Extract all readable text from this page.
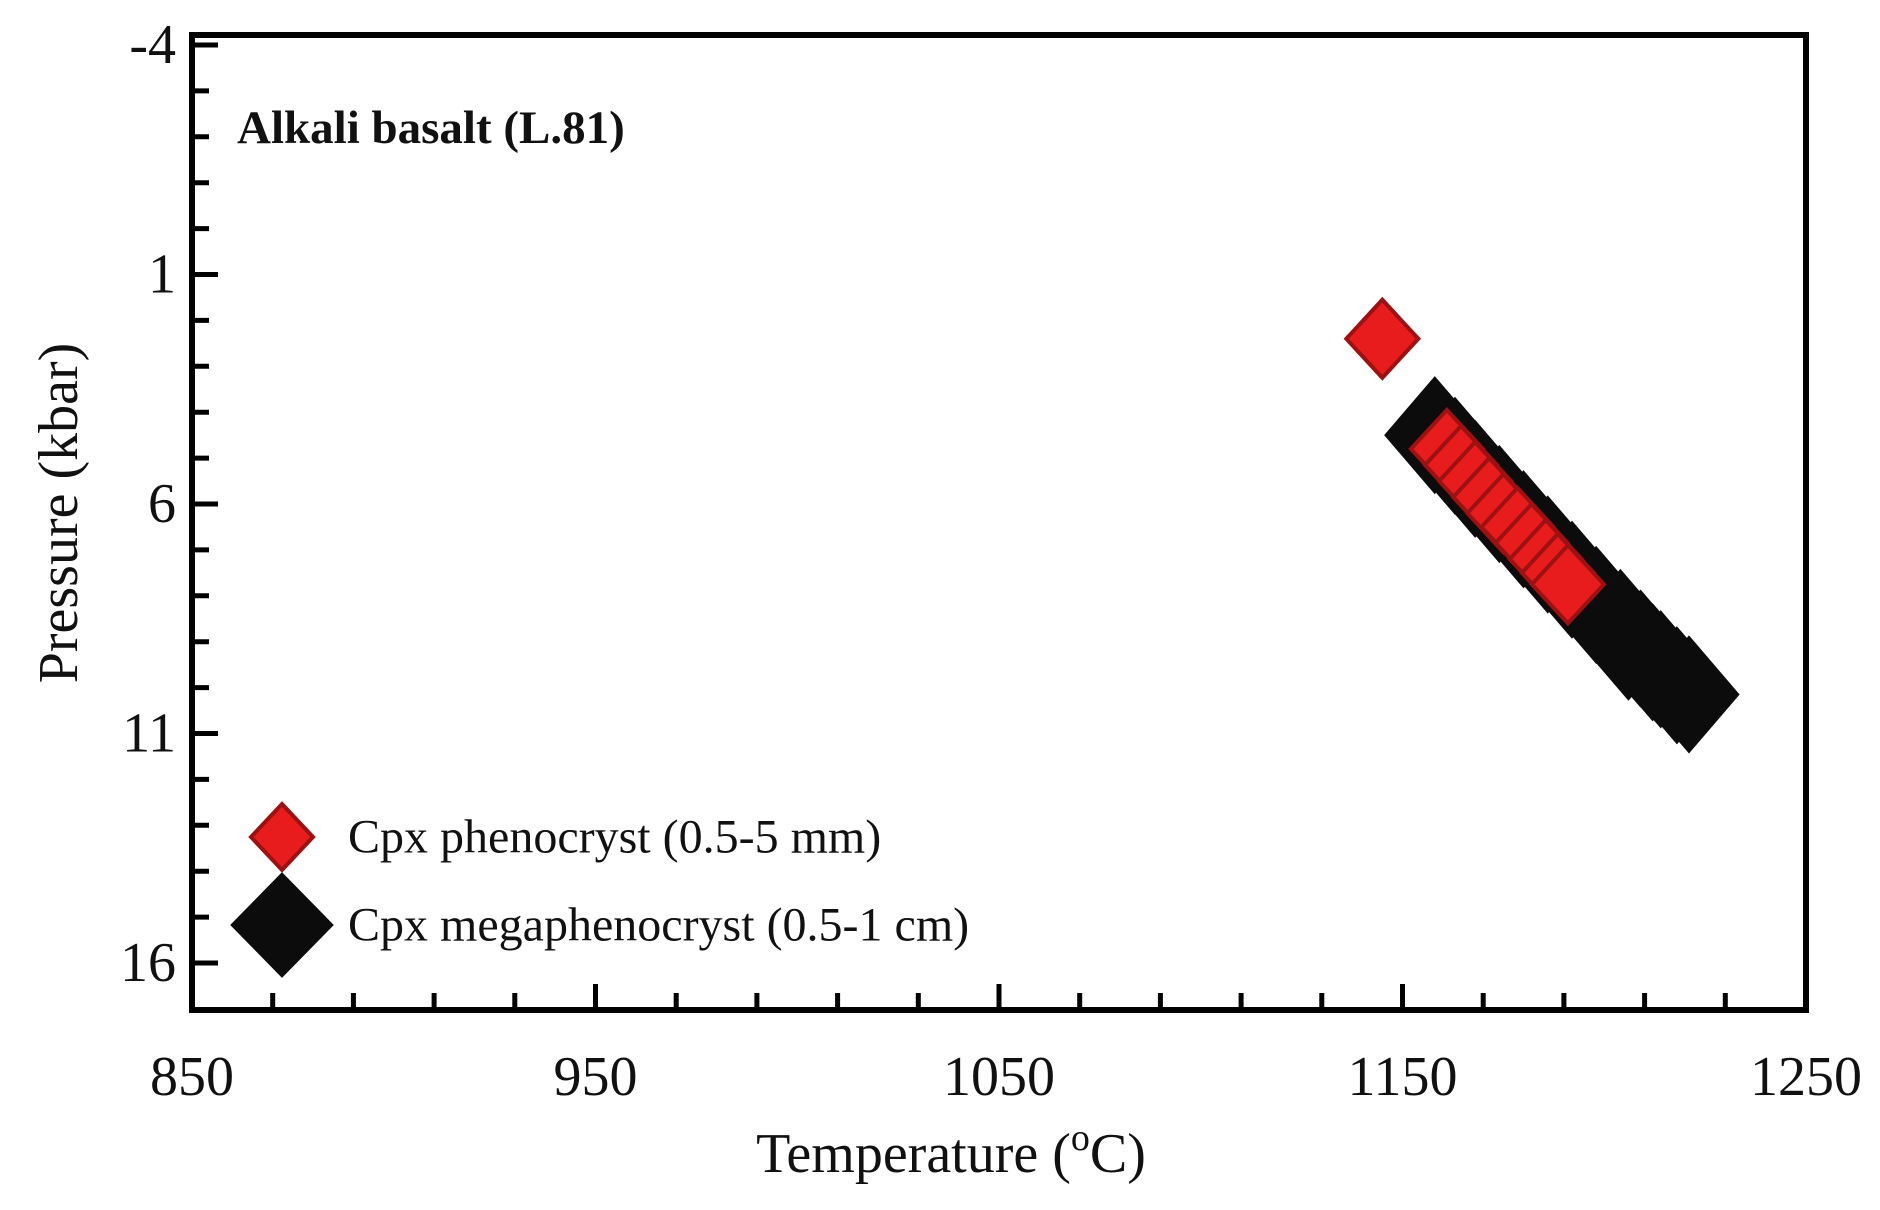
850	950	1050	1150	1250
-4
1
6
11
16
Alkali basalt (L.81)
Pressure (kbar)
Temperature ($^o$C)
Cpx phenocryst (0.5-5 mm)
Cpx megaphenocryst (0.5-1 cm)
